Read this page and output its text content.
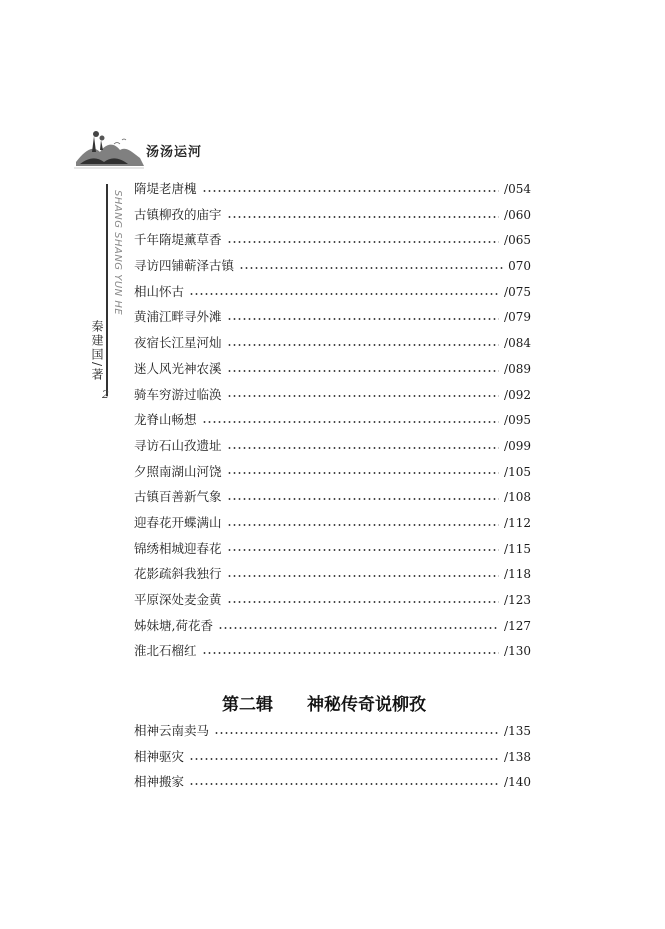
汤汤运河
SHANG SHANG YUN HE
秦建国/著
2
隋堤老唐槐	/054
古镇柳孜的庙宇	/060
千年隋堤薰草香	/065
寻访四铺蕲泽古镇	070
相山怀古	/075
黄浦江畔寻外滩	/079
夜宿长江星河灿	/084
迷人风光神农溪	/089
骑车穷游过临涣	/092
龙脊山畅想	/095
寻访石山孜遗址	/099
夕照南湖山河饶	/105
古镇百善新气象	/108
迎春花开蝶满山	/112
锦绣相城迎春花	/115
花影疏斜我独行	/118
平原深处麦金黄	/123
姊妹塘,荷花香	/127
淮北石榴红	/130
第二辑 神秘传奇说柳孜
相神云南卖马	/135
相神驱灾	/138
相神搬家	/140
